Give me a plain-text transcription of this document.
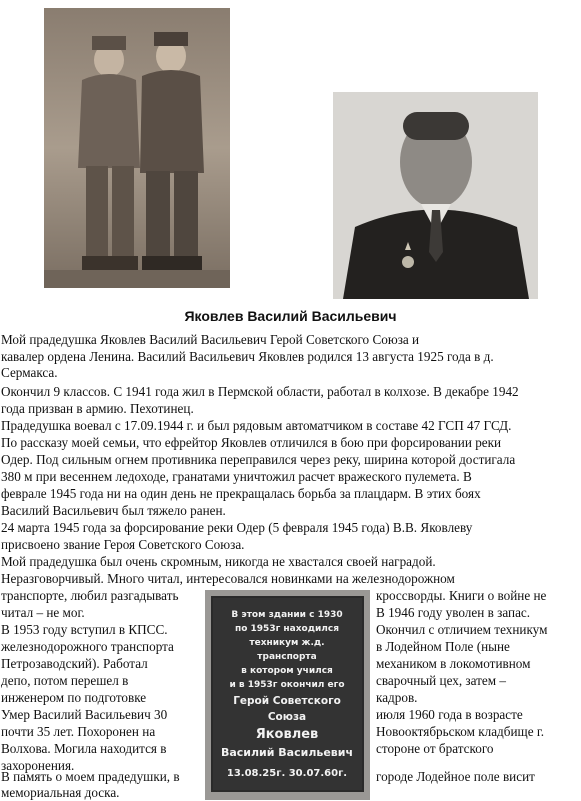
Яковлев Василий Васильевич
Мой прадедушка Яковлев Василий Васильевич Герой Советского Союза и
кавалер ордена Ленина. Василий Васильевич Яковлев родился 13 августа 1925 года в д.
Сермакса.
Окончил 9 классов. С 1941 года жил в Пермской области, работал в колхозе. В декабре 1942
года призван в армию. Пехотинец.
Прадедушка воевал с 17.09.1944 г. и был рядовым автоматчиком в составе 42 ГСП 47 ГСД.
По рассказу моей семьи, что ефрейтор Яковлев отличился в бою при форсировании реки
Одер. Под сильным огнем противника переправился через реку, ширина которой достигала
380 м при весеннем ледоходе, гранатами уничтожил расчет вражеского пулемета. В
феврале 1945 года ни на один день не прекращалась борьба за плацдарм. В этих боях
Василий Васильевич был тяжело ранен.
24 марта 1945 года за форсирование реки Одер (5 февраля 1945 года) В.В. Яковлеву
присвоено звание Героя Советского Союза.
Мой прадедушка был очень скромным, никогда не хвастался своей наградой.
Неразговорчивый. Много читал, интересовался новинками на железнодорожном
транспорте, любил разгадывать
читал – не мог.
В 1953 году вступил в КПСС.
железнодорожного транспорта
Петрозаводский). Работал
депо, потом перешел в
инженером по подготовке
Умер Василий Васильевич 30
почти 35 лет. Похоронен на
Волхова. Могила находится в
захоронения.
В память о моем прадедушки, в
мемориальная доска.
кроссворды. Книги о войне не
В 1946 году уволен в запас.
Окончил с отличием техникум
в Лодейном Поле (ныне
механиком в локомотивном
сварочный цех, затем –
кадров.
июля 1960 года в возрасте
Новооктябрьском кладбище г.
стороне от братского
городе Лодейное поле висит
В этом здании с 1930
по 1953г находился
техникум ж.д.
транспорта
в котором учился
и в 1953г окончил его
Герой Советского
Союза
Яковлев
Василий Васильевич
13.08.25г. 30.07.60г.
